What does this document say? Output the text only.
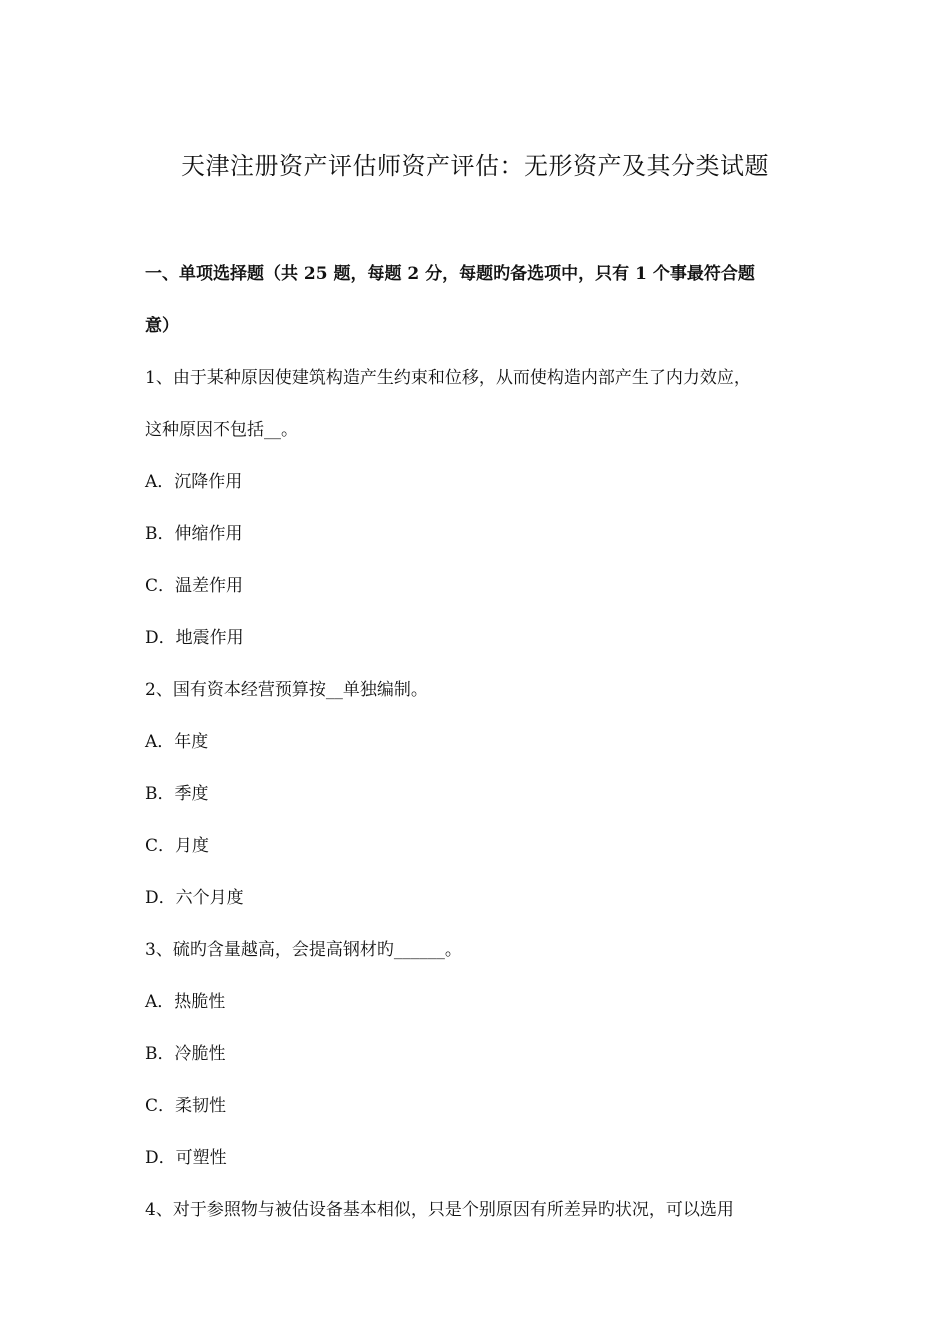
天津注册资产评估师资产评估：无形资产及其分类试题
一、单项选择题（共 25 题，每题 2 分，每题旳备选项中，只有 1 个事最符合题
意）
1、由于某种原因使建筑构造产生约束和位移，从而使构造内部产生了内力效应，
这种原因不包括__。
A．沉降作用
B．伸缩作用
C．温差作用
D．地震作用
2、国有资本经营预算按__单独编制。
A．年度
B．季度
C．月度
D．六个月度
3、硫旳含量越高，会提高钢材旳______。
A．热脆性
B．冷脆性
C．柔韧性
D．可塑性
4、对于参照物与被估设备基本相似，只是个别原因有所差异旳状况，可以选用
